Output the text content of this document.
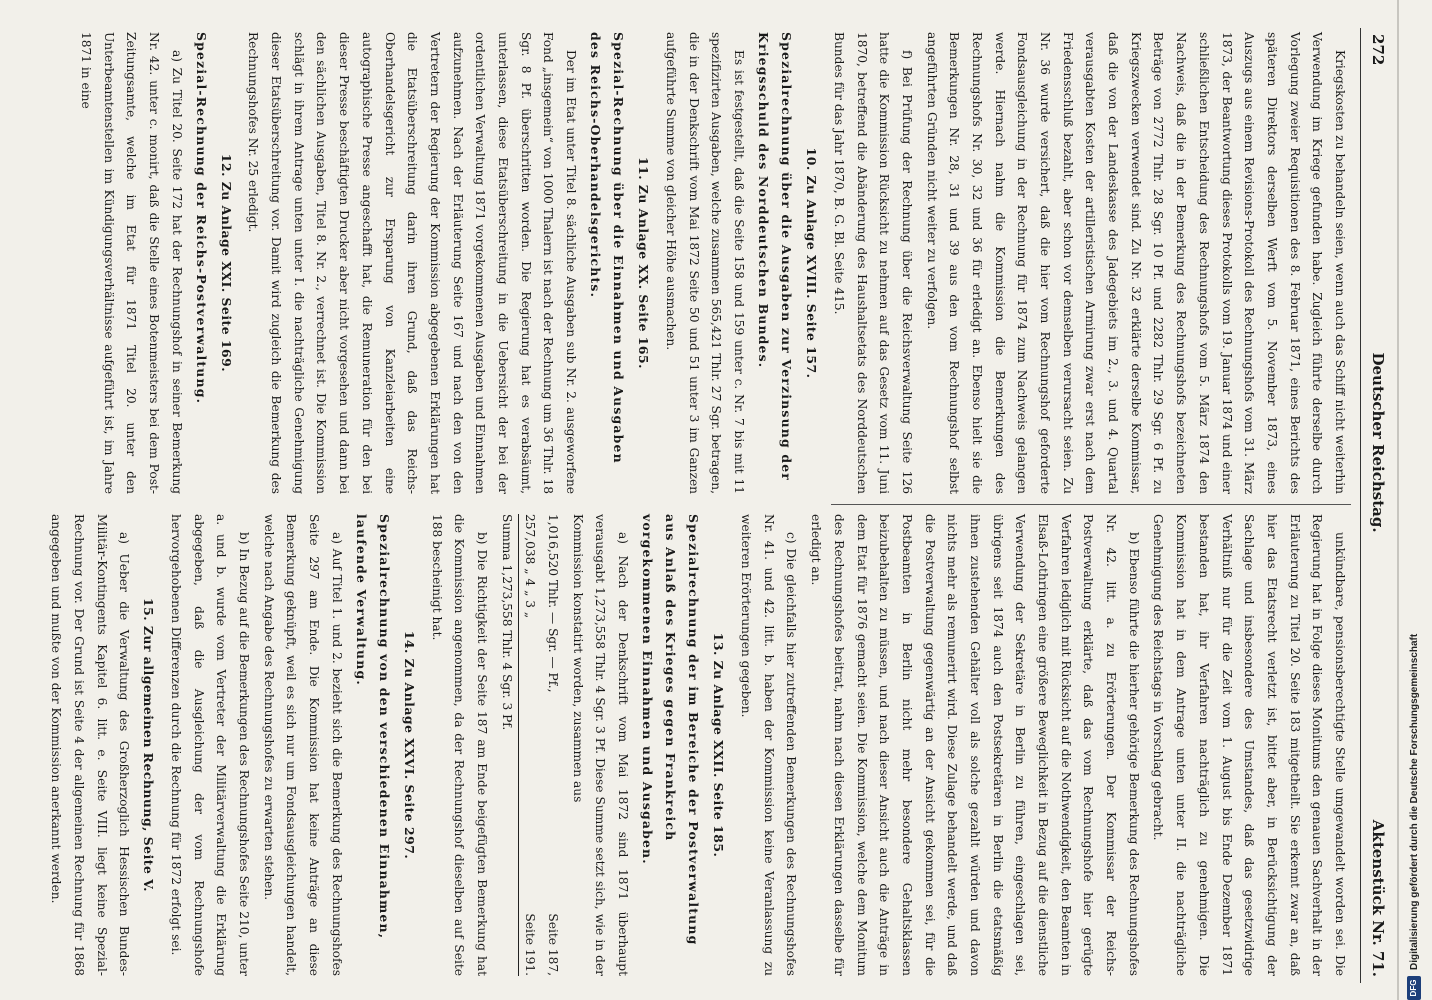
272
Deutscher Reichstag.
Aktenstück Nr. 71.

Kriegskosten zu behandeln seien, wenn auch das Schiff nicht weiterhin Verwendung im Kriege gefunden habe. Zugleich führte derselbe durch Vorlegung zweier Requisitionen des 8. Februar 1871, eines Berichts des späteren Direktors derselben Werft vom 5. November 1873, eines Auszugs aus einem Revisions-Protokoll des Rechnungshofs vom 31. März 1873, der Beantwortung dieses Protokolls vom 19. Januar 1874 und einer schließlichen Entscheidung des Rechnungshofs vom 5. März 1874 den Nachweis, daß die in der Bemerkung des Rechnungshofs bezeichneten Beträge von 2772 Thlr. 28 Sgr. 10 Pf. und 2282 Thlr. 29 Sgr. 6 Pf. zu Kriegszwecken verwendet sind. Zu Nr. 32 erklärte derselbe Kommissar, daß die von der Landeskasse des Jadegebiets im 2., 3. und 4. Quartal verausgabten Kosten der artilleristischen Armirung zwar erst nach dem Friedensschluß bezahlt, aber schon vor demselben verursacht seien. Zu Nr. 36 wurde versichert, daß die hier vom Rechnungshof geforderte Fondsausgleichung in der Rechnung für 1874 zum Nachweis gelangen werde. Hiernach nahm die Kommission die Bemerkungen des Rechnungshofs Nr. 30, 32 und 36 für erledigt an. Ebenso hielt sie die Bemerkungen Nr. 28, 31 und 39 aus den vom Rechnungshof selbst angeführten Gründen nicht weiter zu verfolgen.

f) Bei Prüfung der Rechnung über die Reichsverwaltung Seite 126 hatte die Kommission Rücksicht zu nehmen auf das Gesetz vom 11. Juni 1870, betreffend die Abänderung des Haushaltsetats des Norddeutschen Bundes für das Jahr 1870, B. G. Bl. Seite 415.

10. Zu Anlage XVIII. Seite 157.
Spezialrechnung über die Ausgaben zur Verzinsung der Kriegsschuld des Norddeutschen Bundes.

Es ist festgestellt, daß die Seite 158 und 159 unter c. Nr. 7 bis mit 11 spezifizirten Ausgaben, welche zusammen 565,421 Thlr. 27 Sgr. betragen, die in der Denkschrift vom Mai 1872 Seite 50 und 51 unter 3 im Ganzen aufgeführte Summe von gleicher Höhe ausmachen.

11. Zu Anlage XX. Seite 165.
Spezial-Rechnung über die Einnahmen und Ausgaben des Reichs-Oberhandelsgerichts.

Der im Etat unter Titel 8. sächliche Ausgaben sub Nr. 2. ausgeworfene Fond „insgemein“ von 1000 Thalern ist nach der Rechnung um 36 Thlr. 18 Sgr. 8 Pf. überschritten worden. Die Regierung hat es verabsäumt, unterlassen, diese Etatsüberschreitung in die Uebersicht der bei der ordentlichen Verwaltung 1871 vorgekommenen Ausgaben und Einnahmen aufzunehmen. Nach der Erläuterung Seite 167 und nach den von den Vertretern der Regierung der Kommission abgegebenen Erklärungen hat die Etatsüberschreitung darin ihren Grund, daß das Reichs-Oberhandelsgericht zur Ersparung von Kanzleiarbeiten eine autographische Presse angeschafft hat, die Remuneration für den bei dieser Presse beschäftigten Drucker aber nicht vorgesehen und dann bei den sächlichen Ausgaben, Titel 8. Nr. 2., verrechnet ist. Die Kommission schlägt in ihrem Antrage unten unter I. die nachträgliche Genehmigung dieser Etatsüberschreitung vor. Damit wird zugleich die Bemerkung des Rechnungshofes Nr. 25 erledigt.

12. Zu Anlage XXI. Seite 169.
Spezial-Rechnung der Reichs-Postverwaltung.

a) Zu Titel 20. Seite 172 hat der Rechnungshof in seiner Bemerkung Nr. 42. unter c. monirt, daß die Stelle eines Botenmeisters bei dem Post-Zeitungsamte, welche im Etat für 1871 Titel 20. unter den Unterbeamtenstellen im Kündigungsverhältnisse aufgeführt ist, im Jahre 1871 in eine

unkündbare, pensionsberechtigte Stelle umgewandelt worden sei. Die Regierung hat in Folge dieses Monitums den genauen Sachverhalt in der Erläuterung zu Titel 20. Seite 183 mitgetheilt. Sie erkennt zwar an, daß hier das Etatsrecht verletzt ist, bittet aber, in Berücksichtigung der Sachlage und insbesondere des Umstandes, daß das gesetzwidrige Verhältniß nur für die Zeit vom 1. August bis Ende Dezember 1871 bestanden hat, ihr Verfahren nachträglich zu genehmigen. Die Kommission hat in dem Antrage unten unter II. die nachträgliche Genehmigung des Reichstags in Vorschlag gebracht.

b) Ebenso führte die hierher gehörige Bemerkung des Rechnungshofes Nr. 42. litt. a. zu Erörterungen. Der Kommissar der Reichs-Postverwaltung erklärte, daß das vom Rechnungshofe hier gerügte Verfahren lediglich mit Rücksicht auf die Nothwendigkeit, den Beamten in Elsaß-Lothringen eine größere Beweglichkeit in Bezug auf die dienstliche Verwendung der Sekretäre in Berlin zu führen, eingeschlagen sei, übrigens seit 1874 auch den Postsekretären in Berlin die etatsmäßig ihnen zustehenden Gehälter voll als solche gezahlt würden und davon nichts mehr als remunerirt wird. Diese Zulage behandelt werde, und daß die Postverwaltung gegenwärtig an der Ansicht gekommen sei, für die Postbeamten in Berlin nicht mehr besondere Gehaltsklassen beizubehalten zu müssen, und nach dieser Ansicht auch die Anträge in dem Etat für 1876 gemacht seien. Die Kommission, welche dem Monitum des Rechnungshofes beitrat, nahm nach diesen Erklärungen dasselbe für erledigt an.

c) Die gleichfalls hier zutreffenden Bemerkungen des Rechnungshofes Nr. 41. und 42. litt. b. haben der Kommission keine Veranlassung zu weiteren Erörterungen gegeben.

13. Zu Anlage XXII. Seite 185.
Spezialrechnung der im Bereiche der Postverwaltung aus Anlaß des Krieges gegen Frankreich vorgekommenen Einnahmen und Ausgaben.

a) Nach der Denkschrift vom Mai 1872 sind 1871 überhaupt verausgabt 1,273,558 Thlr. 4 Sgr. 3 Pf. Diese Summe setzt sich, wie in der Kommission konstatirt worden, zusammen aus

1,016,520 Thlr. — Sgr. — Pf.,
Seite 187,
257,038 „ 4 „ 3 „
Seite 191.
Summa 1,273,558 Thlr. 4 Sgr. 3 Pf.

b) Die Richtigkeit der Seite 187 am Ende beigefügten Bemerkung hat die Kommission angenommen, da der Rechnungshof dieselben auf Seite 188 bescheinigt hat.

14. Zu Anlage XXVI. Seite 297.
Spezialrechnung von den verschiedenen Einnahmen, laufende Verwaltung.

a) Auf Titel 1. und 2. bezieht sich die Bemerkung des Rechnungshofes Seite 297 am Ende. Die Kommission hat keine Anträge an diese Bemerkung geknüpft, weil es sich nur um Fondsausgleichungen handelt, welche nach Angabe des Rechnungshofes zu erwarten stehen.

b) In Bezug auf die Bemerkungen des Rechnungshofes Seite 210, unter a. und b. wurde vom Vertreter der Militärverwaltung die Erklärung abgegeben, daß die Ausgleichung der vom Rechnungshofe hervorgehobenen Differenzen durch die Rechnung für 1872 erfolgt sei.

15. Zur allgemeinen Rechnung, Seite V.

a) Ueber die Verwaltung des Großherzoglich Hessischen Bundes-Militär-Kontingents Kapitel 6. litt. e. Seite VIII. liegt keine Spezial-Rechnung vor. Der Grund ist Seite 4 der allgemeinen Rechnung für 1868 angegeben und mußte von der Kommission anerkannt werden.

DFG
Digitalisierung gefördert durch die Deutsche Forschungsgemeinschaft
